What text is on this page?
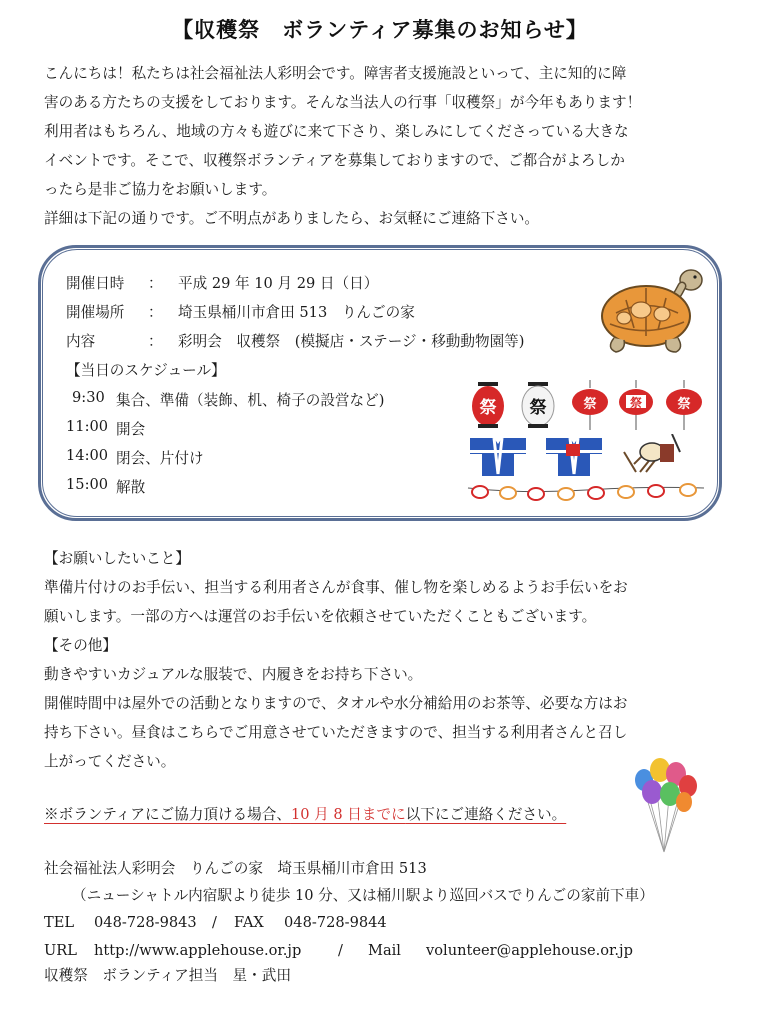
【収穫祭　ボランティア募集のお知らせ】
こんにちは！私たちは社会福祉法人彩明会です。障害者支援施設といって、主に知的に障
害のある方たちの支援をしております。そんな当法人の行事「収穫祭」が今年もあります！
利用者はもちろん、地域の方々も遊びに来て下さり、楽しみにしてくださっている大きな
イベントです。そこで、収穫祭ボランティアを募集しておりますので、ご都合がよろしか
ったら是非ご協力をお願いします。
詳細は下記の通りです。ご不明点がありましたら、お気軽にご連絡下さい。
開催日時 ： 平成 29 年 10 月 29 日（日）
開催場所 ： 埼玉県桶川市倉田 513　りんごの家
内容	： 彩明会　収穫祭　(模擬店・ステージ・移動動物園等)
【当日のスケジュール】
9:30 集合、準備（装飾、机、椅子の設営など)
11:00 開会
14:00 閉会、片付け
15:00 解散
祭 祭	祭	祭	祭
【お願いしたいこと】
準備片付けのお手伝い、担当する利用者さんが食事、催し物を楽しめるようお手伝いをお
願いします。一部の方へは運営のお手伝いを依頼させていただくこともございます。
【その他】
動きやすいカジュアルな服装で、内履きをお持ち下さい。
開催時間中は屋外での活動となりますので、タオルや水分補給用のお茶等、必要な方はお
持ち下さい。昼食はこちらでご用意させていただきますので、担当する利用者さんと召し
上がってください。
※ボランティアにご協力頂ける場合、10 月 8 日までに以下にご連絡ください。
社会福祉法人彩明会　りんごの家　埼玉県桶川市倉田 513
（ニューシャトル内宿駅より徒歩 10 分、又は桶川駅より巡回バスでりんごの家前下車）
TEL 048-728-9843 / FAX 048-728-9844
URL http://www.applehouse.or.jp	/ Mail volunteer@applehouse.or.jp
収穫祭　ボランティア担当　星・武田
